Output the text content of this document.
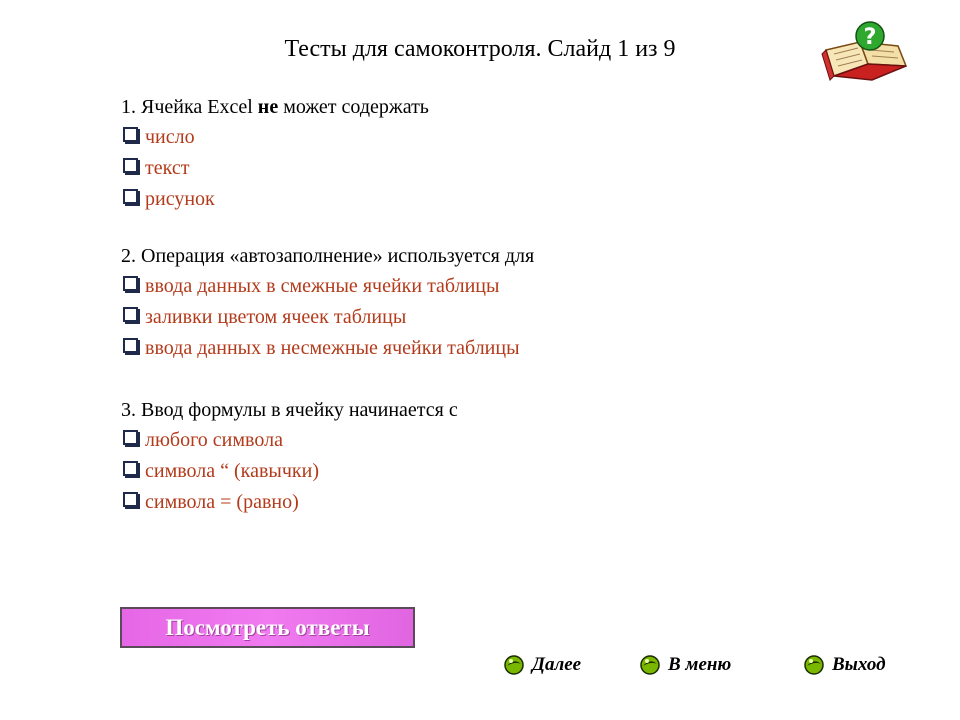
Тесты для самоконтроля. Слайд 1 из 9	?
1. Ячейка Excel не может содержать
число
текст
рисунок
2. Операция «автозаполнение» используется для
ввода данных в смежные ячейки таблицы
заливки цветом ячеек таблицы
ввода данных в несмежные ячейки таблицы
3. Ввод формулы в ячейку начинается с
любого символа
символа “ (кавычки)
символа = (равно)
Посмотреть ответы
Далее	В меню	Выход
